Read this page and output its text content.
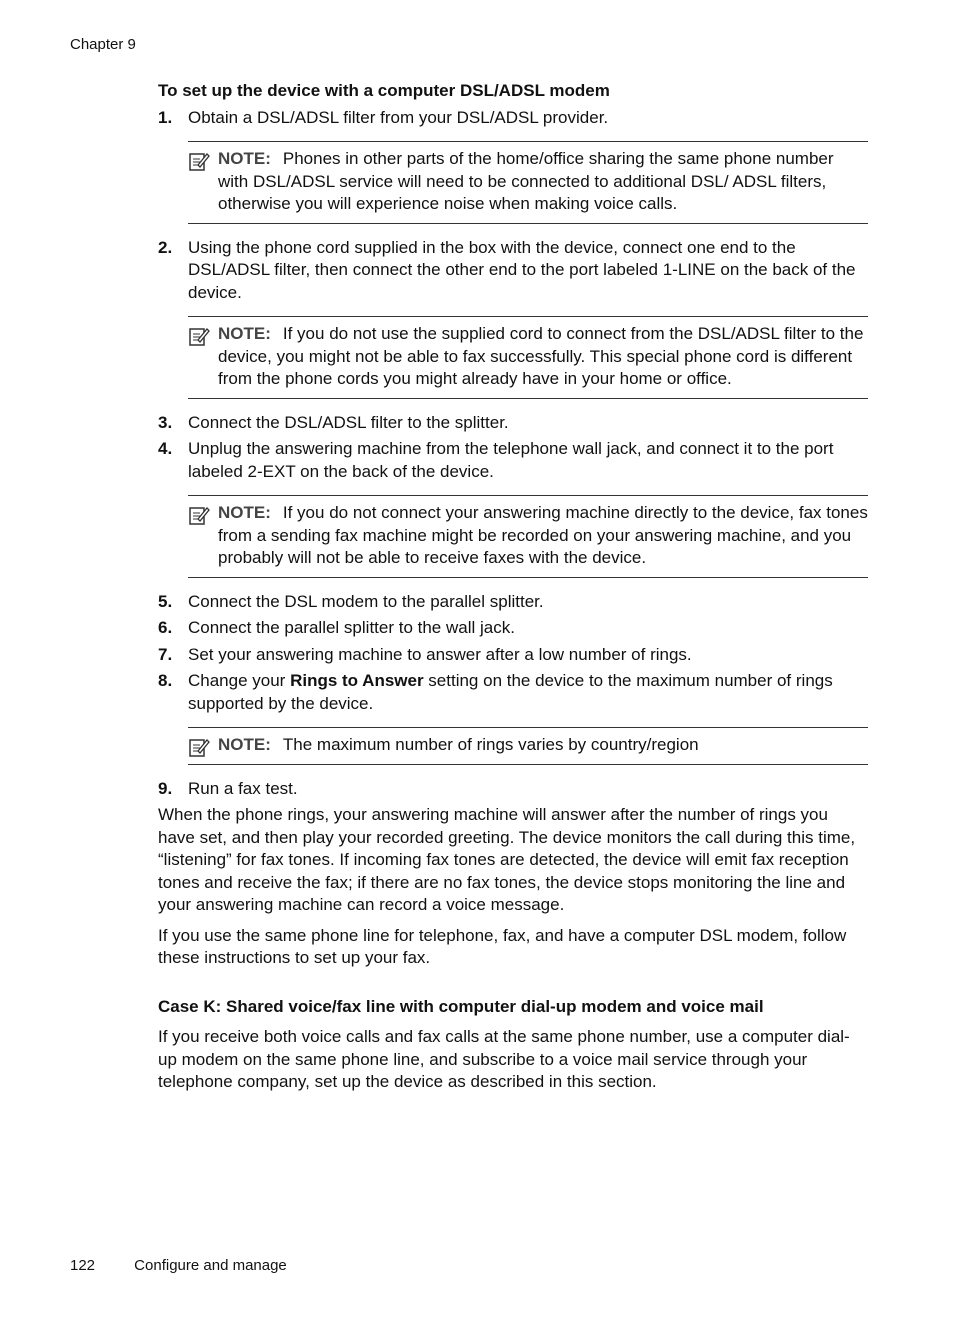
Chapter 9
To set up the device with a computer DSL/ADSL modem
1. Obtain a DSL/ADSL filter from your DSL/ADSL provider.
NOTE: Phones in other parts of the home/office sharing the same phone number with DSL/ADSL service will need to be connected to additional DSL/ ADSL filters, otherwise you will experience noise when making voice calls.
2. Using the phone cord supplied in the box with the device, connect one end to the DSL/ADSL filter, then connect the other end to the port labeled 1-LINE on the back of the device.
NOTE: If you do not use the supplied cord to connect from the DSL/ADSL filter to the device, you might not be able to fax successfully. This special phone cord is different from the phone cords you might already have in your home or office.
3. Connect the DSL/ADSL filter to the splitter.
4. Unplug the answering machine from the telephone wall jack, and connect it to the port labeled 2-EXT on the back of the device.
NOTE: If you do not connect your answering machine directly to the device, fax tones from a sending fax machine might be recorded on your answering machine, and you probably will not be able to receive faxes with the device.
5. Connect the DSL modem to the parallel splitter.
6. Connect the parallel splitter to the wall jack.
7. Set your answering machine to answer after a low number of rings.
8. Change your Rings to Answer setting on the device to the maximum number of rings supported by the device.
NOTE: The maximum number of rings varies by country/region
9. Run a fax test.

When the phone rings, your answering machine will answer after the number of rings you have set, and then play your recorded greeting. The device monitors the call during this time, “listening” for fax tones. If incoming fax tones are detected, the device will emit fax reception tones and receive the fax; if there are no fax tones, the device stops monitoring the line and your answering machine can record a voice message.

If you use the same phone line for telephone, fax, and have a computer DSL modem, follow these instructions to set up your fax.

Case K: Shared voice/fax line with computer dial-up modem and voice mail

If you receive both voice calls and fax calls at the same phone number, use a computer dial-up modem on the same phone line, and subscribe to a voice mail service through your telephone company, set up the device as described in this section.

122	Configure and manage
